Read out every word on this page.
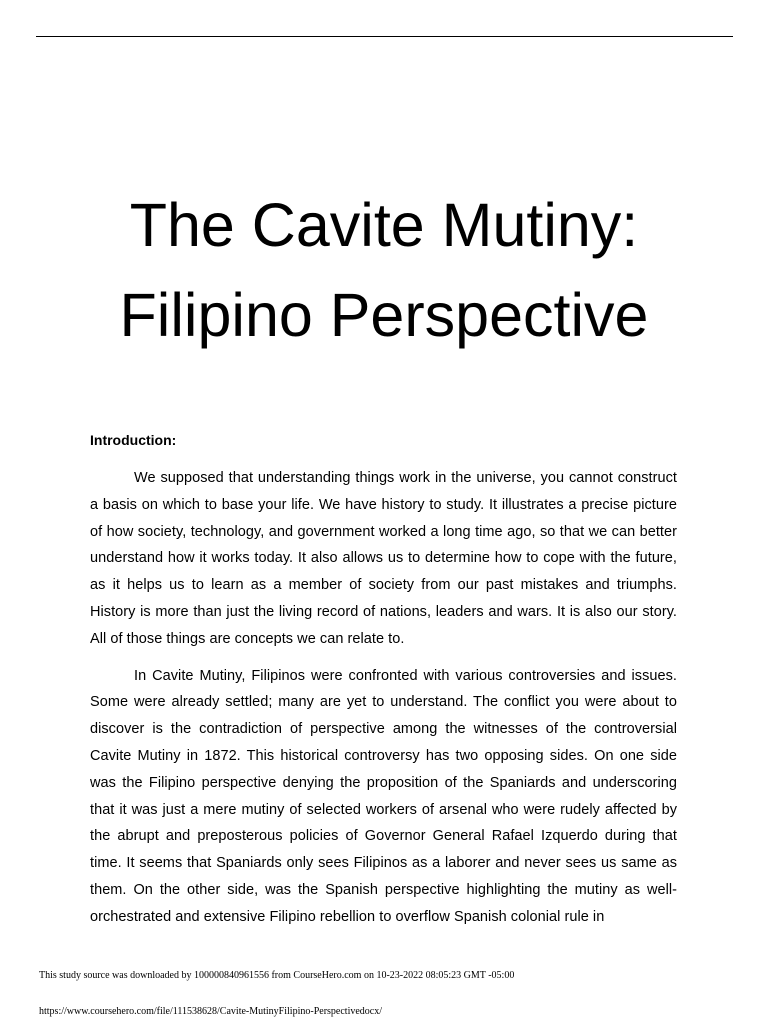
The Cavite Mutiny:
Filipino Perspective

Introduction:

We supposed that understanding things work in the universe, you cannot construct a basis on which to base your life. We have history to study. It illustrates a precise picture of how society, technology, and government worked a long time ago, so that we can better understand how it works today. It also allows us to determine how to cope with the future, as it helps us to learn as a member of society from our past mistakes and triumphs. History is more than just the living record of nations, leaders and wars. It is also our story. All of those things are concepts we can relate to.

In Cavite Mutiny, Filipinos were confronted with various controversies and issues. Some were already settled; many are yet to understand. The conflict you were about to discover is the contradiction of perspective among the witnesses of the controversial Cavite Mutiny in 1872. This historical controversy has two opposing sides. On one side was the Filipino perspective denying the proposition of the Spaniards and underscoring that it was just a mere mutiny of selected workers of arsenal who were rudely affected by the abrupt and preposterous policies of Governor General Rafael Izquerdo during that time. It seems that Spaniards only sees Filipinos as a laborer and never sees us same as them. On the other side, was the Spanish perspective highlighting the mutiny as well-orchestrated and extensive Filipino rebellion to overflow Spanish colonial rule in

This study source was downloaded by 100000840961556 from CourseHero.com on 10-23-2022 08:05:23 GMT -05:00
https://www.coursehero.com/file/111538628/Cavite-MutinyFilipino-Perspectivedocx/
